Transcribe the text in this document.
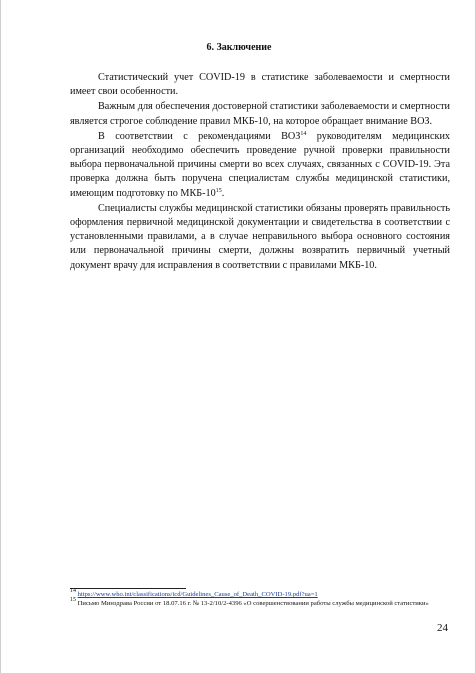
6. Заключение

Статистический учет COVID-19 в статистике заболеваемости и смертности имеет свои особенности.

Важным для обеспечения достоверной статистики заболеваемости и смертности является строгое соблюдение правил МКБ-10, на которое обращает внимание ВОЗ.

В соответствии с рекомендациями ВОЗ$^{14}$ руководителям медицинских организаций необходимо обеспечить проведение ручной проверки правильности выбора первоначальной причины смерти во всех случаях, связанных с COVID-19. Эта проверка должна быть поручена специалистам службы медицинской статистики, имеющим подготовку по МКБ-$10^{15}$.

Специалисты службы медицинской статистики обязаны проверять правильность оформления первичной медицинской документации и свидетельства в соответствии с установленными правилами, а в случае неправильного выбора основного состояния или первоначальной причины смерти, должны возвратить первичный учетный документ врачу для исправления в соответствии с правилами МКБ-10.

$^{14}$ https://www.who.int/classifications/icd/Guidelines_Cause_of_Death_COVID-19.pdf?ua=1

$^{15}$ Письмо Минздрава России от 18.07.16 г. № 13-2/10/2-4396 «О совершенствовании работы службы медицинской статистики»

24
